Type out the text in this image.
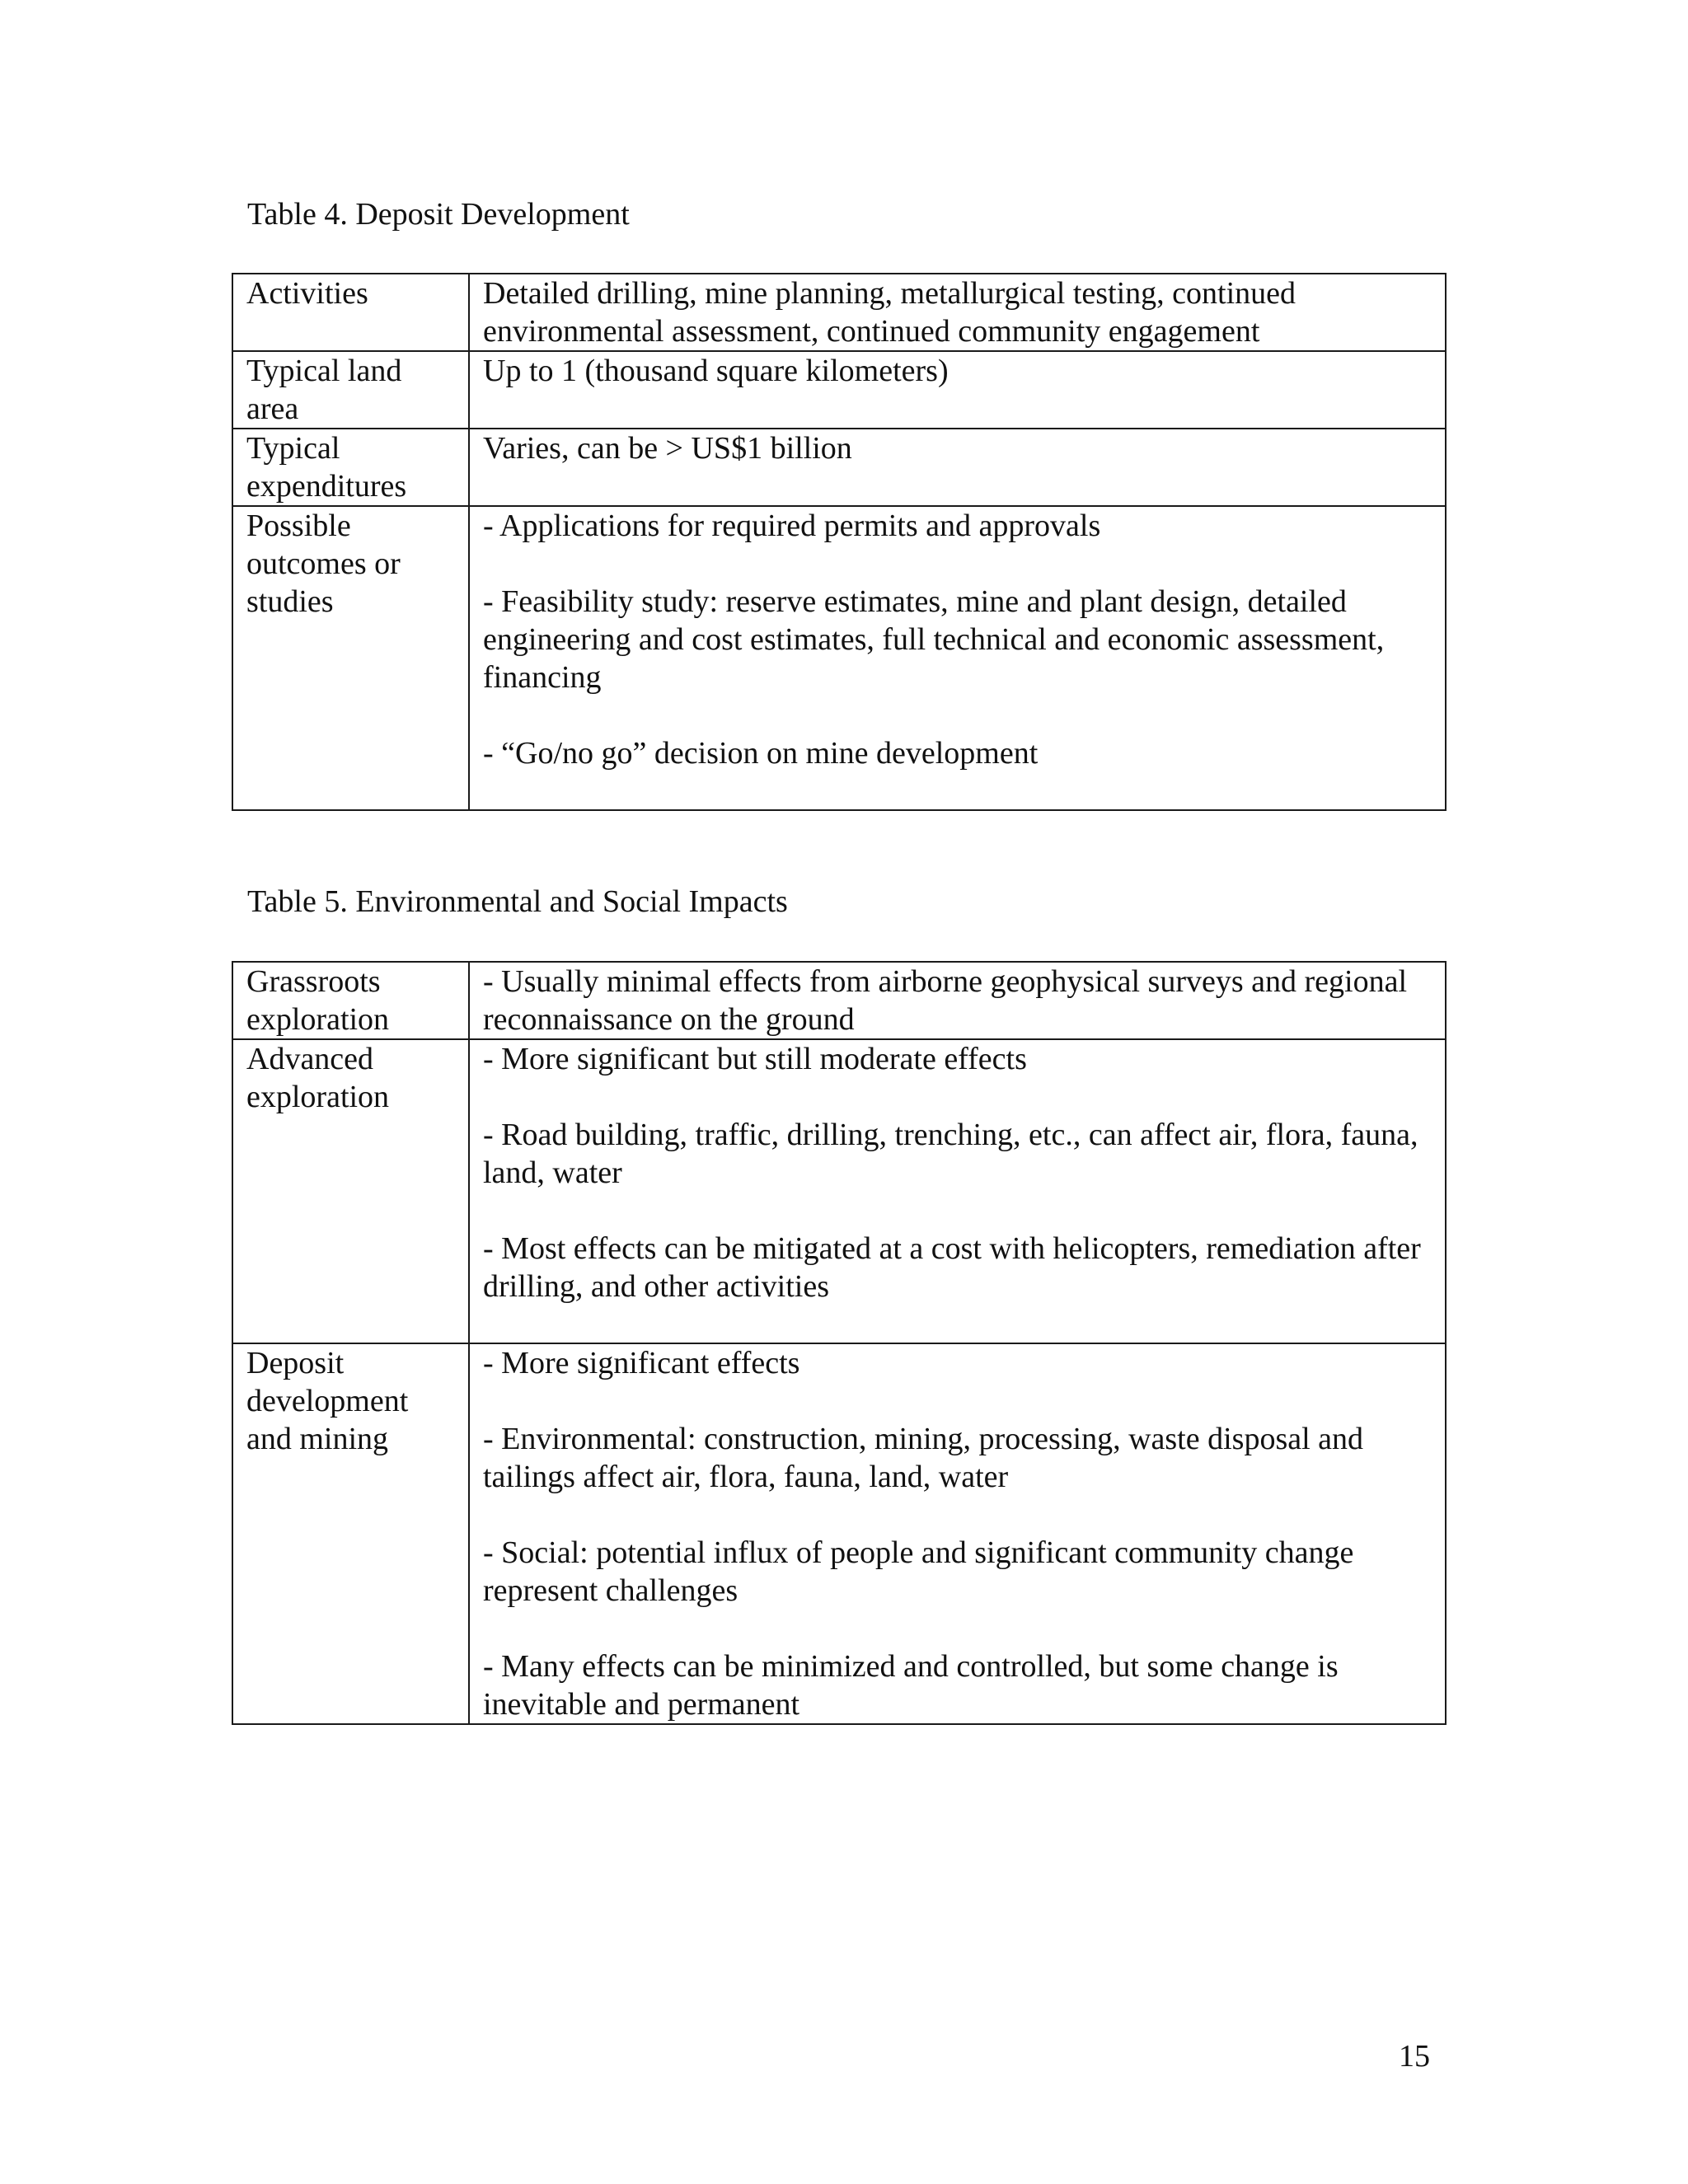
Table 4. Deposit Development

Activities	Detailed drilling, mine planning, metallurgical testing, continued environmental assessment, continued community engagement

Typical land area	Up to 1 (thousand square kilometers)

Typical expenditures	Varies, can be > US$1 billion

Possible outcomes or studies	- Applications for required permits and approvals

- Feasibility study: reserve estimates, mine and plant design, detailed engineering and cost estimates, full technical and economic assessment, financing

- “Go/no go” decision on mine development

Table 5. Environmental and Social Impacts

Grassroots exploration	- Usually minimal effects from airborne geophysical surveys and regional reconnaissance on the ground

Advanced exploration	- More significant but still moderate effects

- Road building, traffic, drilling, trenching, etc., can affect air, flora, fauna, land, water

- Most effects can be mitigated at a cost with helicopters, remediation after drilling, and other activities

Deposit development and mining	- More significant effects

- Environmental: construction, mining, processing, waste disposal and tailings affect air, flora, fauna, land, water

- Social: potential influx of people and significant community change represent challenges

- Many effects can be minimized and controlled, but some change is inevitable and permanent

15
